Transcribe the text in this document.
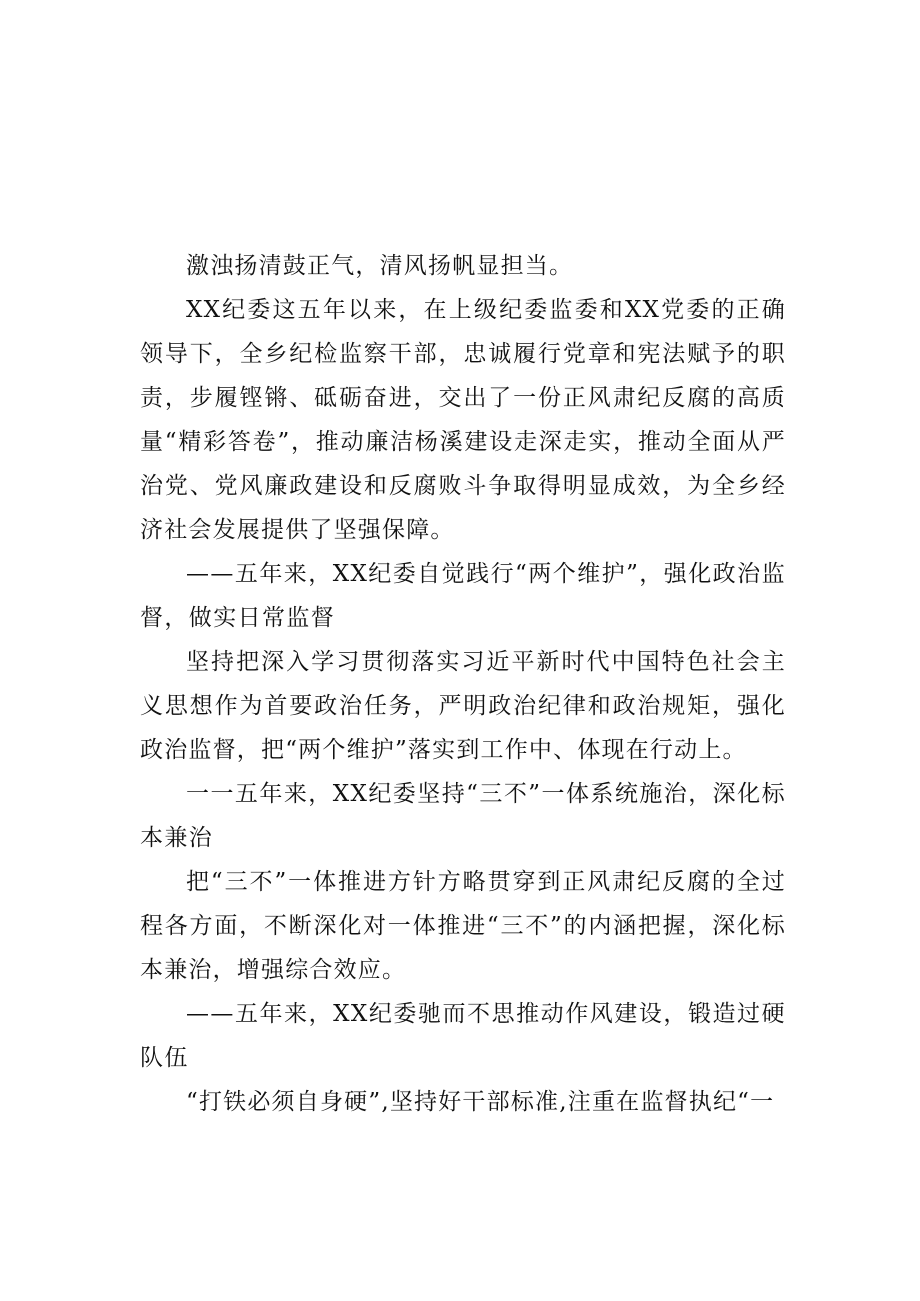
激浊扬清鼓正气，清风扬帆显担当。

XX纪委这五年以来，在上级纪委监委和XX党委的正确领导下，全乡纪检监察干部，忠诚履行党章和宪法赋予的职责，步履铿锵、砥砺奋进，交出了一份正风肃纪反腐的高质量“精彩答卷”，推动廉洁杨溪建设走深走实，推动全面从严治党、党风廉政建设和反腐败斗争取得明显成效，为全乡经济社会发展提供了坚强保障。

——五年来，XX纪委自觉践行“两个维护”，强化政治监督，做实日常监督

坚持把深入学习贯彻落实习近平新时代中国特色社会主义思想作为首要政治任务，严明政治纪律和政治规矩，强化政治监督，把“两个维护”落实到工作中、体现在行动上。

一一五年来，XX纪委坚持“三不”一体系统施治，深化标本兼治

把“三不”一体推进方针方略贯穿到正风肃纪反腐的全过程各方面，不断深化对一体推进“三不”的内涵把握，深化标本兼治，增强综合效应。

——五年来，XX纪委驰而不思推动作风建设，锻造过硬队伍

“打铁必须自身硬”,坚持好干部标准,注重在监督执纪“一
